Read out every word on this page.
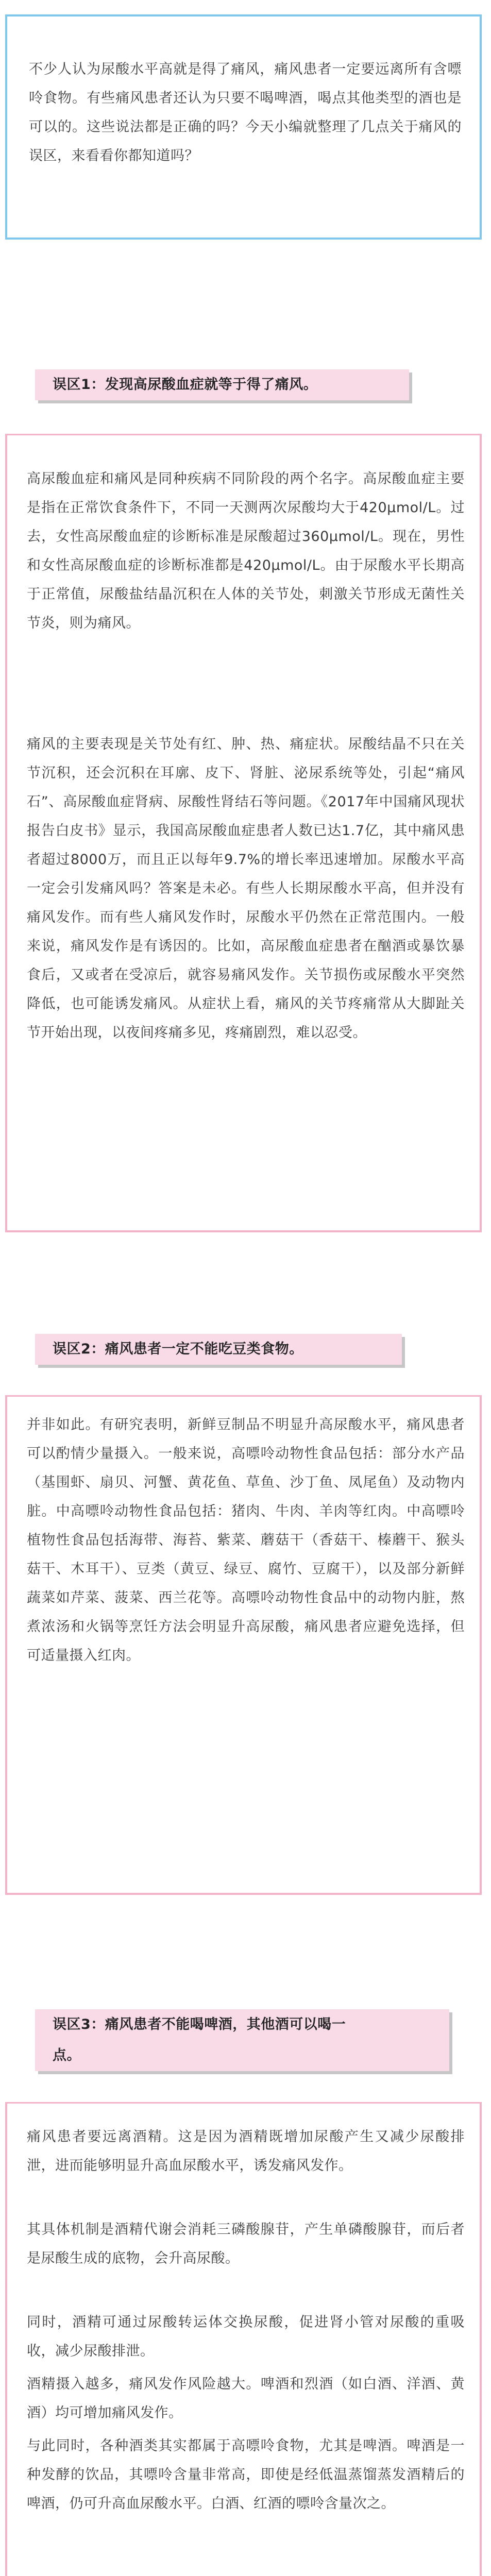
不少人认为尿酸水平高就是得了痛风，痛风患者一定要远离所有含嘌呤食物。有些痛风患者还认为只要不喝啤酒，喝点其他类型的酒也是可以的。这些说法都是正确的吗？今天小编就整理了几点关于痛风的误区，来看看你都知道吗？

误区1：发现高尿酸血症就等于得了痛风。

高尿酸血症和痛风是同种疾病不同阶段的两个名字。高尿酸血症主要是指在正常饮食条件下，不同一天测两次尿酸均大于420μmol/L。过去，女性高尿酸血症的诊断标准是尿酸超过360μmol/L。现在，男性和女性高尿酸血症的诊断标准都是420μmol/L。由于尿酸水平长期高于正常值，尿酸盐结晶沉积在人体的关节处，刺激关节形成无菌性关节炎，则为痛风。

痛风的主要表现是关节处有红、肿、热、痛症状。尿酸结晶不只在关节沉积，还会沉积在耳廓、皮下、肾脏、泌尿系统等处，引起“痛风石”、高尿酸血症肾病、尿酸性肾结石等问题。《2017年中国痛风现状报告白皮书》显示，我国高尿酸血症患者人数已达1.7亿，其中痛风患者超过8000万，而且正以每年9.7%的增长率迅速增加。尿酸水平高一定会引发痛风吗？答案是未必。有些人长期尿酸水平高，但并没有痛风发作。而有些人痛风发作时，尿酸水平仍然在正常范围内。一般来说，痛风发作是有诱因的。比如，高尿酸血症患者在酗酒或暴饮暴食后，又或者在受凉后，就容易痛风发作。关节损伤或尿酸水平突然降低，也可能诱发痛风。从症状上看，痛风的关节疼痛常从大脚趾关节开始出现，以夜间疼痛多见，疼痛剧烈，难以忍受。

误区2：痛风患者一定不能吃豆类食物。

并非如此。有研究表明，新鲜豆制品不明显升高尿酸水平，痛风患者可以酌情少量摄入。一般来说，高嘌呤动物性食品包括：部分水产品（基围虾、扇贝、河蟹、黄花鱼、草鱼、沙丁鱼、凤尾鱼）及动物内脏。中高嘌呤动物性食品包括：猪肉、牛肉、羊肉等红肉。中高嘌呤植物性食品包括海带、海苔、紫菜、蘑菇干（香菇干、榛蘑干、猴头菇干、木耳干）、豆类（黄豆、绿豆、腐竹、豆腐干），以及部分新鲜蔬菜如芹菜、菠菜、西兰花等。高嘌呤动物性食品中的动物内脏，熬煮浓汤和火锅等烹饪方法会明显升高尿酸，痛风患者应避免选择，但可适量摄入红肉。

误区3：痛风患者不能喝啤酒，其他酒可以喝一
点。

痛风患者要远离酒精。这是因为酒精既增加尿酸产生又减少尿酸排泄，进而能够明显升高血尿酸水平，诱发痛风发作。

其具体机制是酒精代谢会消耗三磷酸腺苷，产生单磷酸腺苷，而后者是尿酸生成的底物，会升高尿酸。

同时，酒精可通过尿酸转运体交换尿酸，促进肾小管对尿酸的重吸收，减少尿酸排泄。

酒精摄入越多，痛风发作风险越大。啤酒和烈酒（如白酒、洋酒、黄酒）均可增加痛风发作。

与此同时，各种酒类其实都属于高嘌呤食物，尤其是啤酒。啤酒是一种发酵的饮品，其嘌呤含量非常高，即使是经低温蒸馏蒸发酒精后的啤酒，仍可升高血尿酸水平。白酒、红酒的嘌呤含量次之。
